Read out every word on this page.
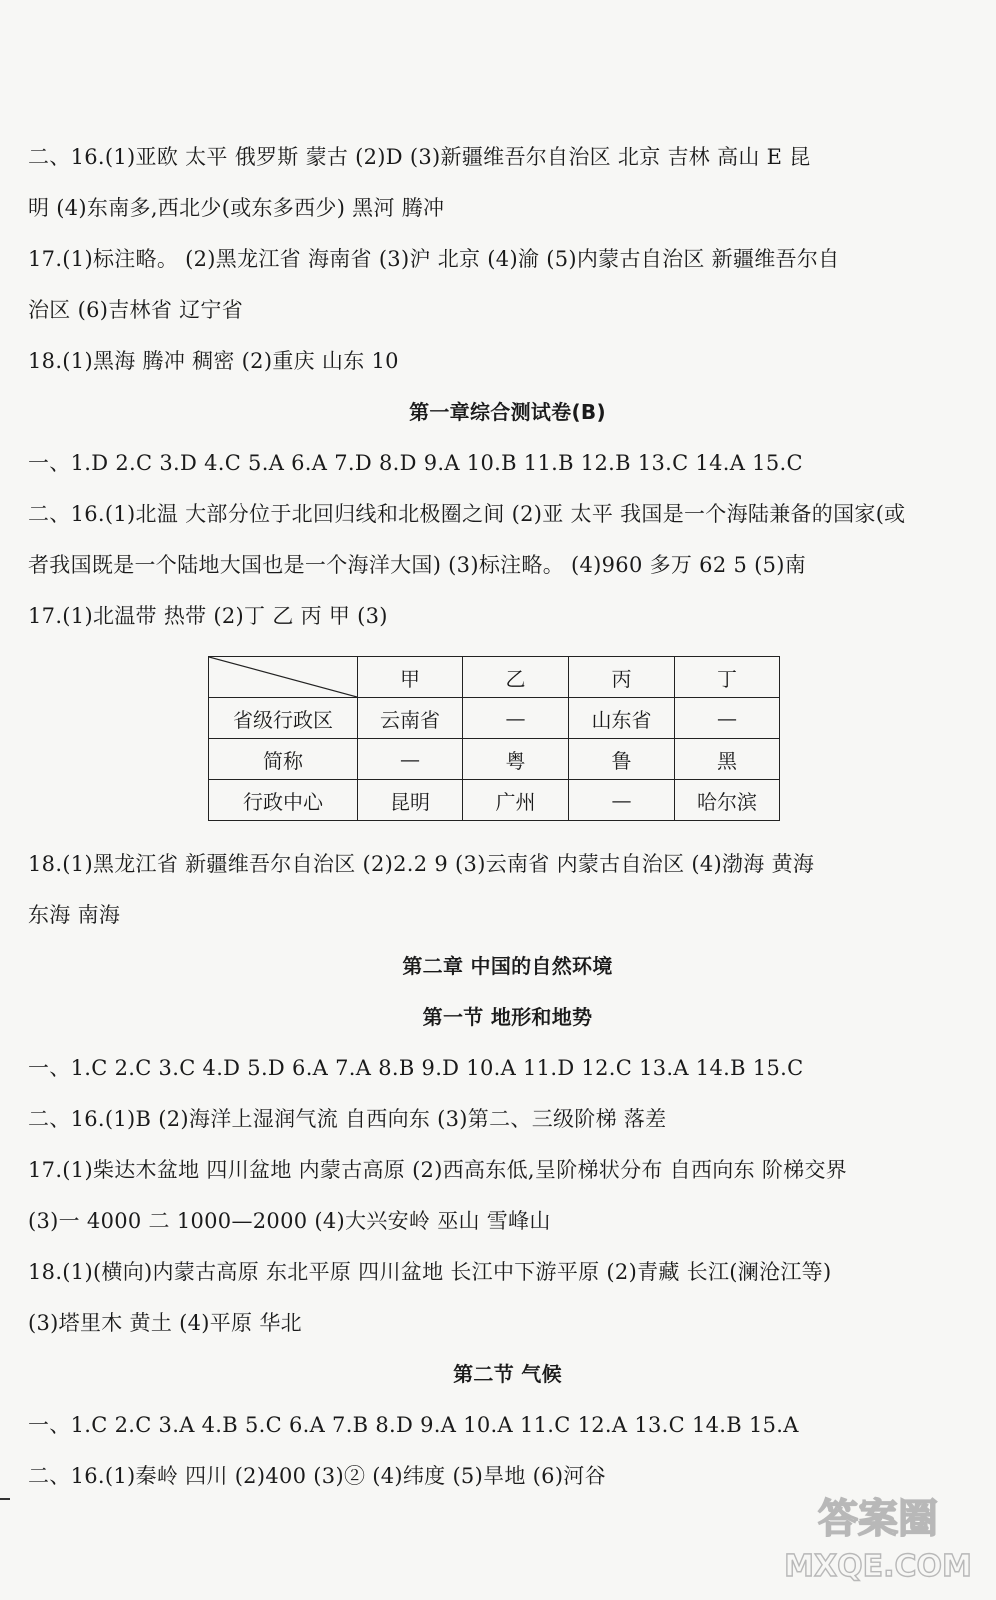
二、16.(1)亚欧 太平 俄罗斯 蒙古 (2)D (3)新疆维吾尔自治区 北京 吉林 高山 E 昆
明 (4)东南多,西北少(或东多西少) 黑河 腾冲
17.(1)标注略。 (2)黑龙江省 海南省 (3)沪 北京 (4)渝 (5)内蒙古自治区 新疆维吾尔自
治区 (6)吉林省 辽宁省
18.(1)黑海 腾冲 稠密 (2)重庆 山东 10
第一章综合测试卷(B)
一、1.D 2.C 3.D 4.C 5.A 6.A 7.D 8.D 9.A 10.B 11.B 12.B 13.C 14.A 15.C
二、16.(1)北温 大部分位于北回归线和北极圈之间 (2)亚 太平 我国是一个海陆兼备的国家(或
者我国既是一个陆地大国也是一个海洋大国) (3)标注略。 (4)960 多万 62 5 (5)南
17.(1)北温带 热带 (2)丁 乙 丙 甲 (3)
	甲	乙	丙	丁
省级行政区	云南省	—	山东省	—
简称	—	粤	鲁	黑
行政中心	昆明	广州	—	哈尔滨
18.(1)黑龙江省 新疆维吾尔自治区 (2)2.2 9 (3)云南省 内蒙古自治区 (4)渤海 黄海
东海 南海
第二章 中国的自然环境
第一节 地形和地势
一、1.C 2.C 3.C 4.D 5.D 6.A 7.A 8.B 9.D 10.A 11.D 12.C 13.A 14.B 15.C
二、16.(1)B (2)海洋上湿润气流 自西向东 (3)第二、三级阶梯 落差
17.(1)柴达木盆地 四川盆地 内蒙古高原 (2)西高东低,呈阶梯状分布 自西向东 阶梯交界
(3)一 4000 二 1000—2000 (4)大兴安岭 巫山 雪峰山
18.(1)(横向)内蒙古高原 东北平原 四川盆地 长江中下游平原 (2)青藏 长江(澜沧江等)
(3)塔里木 黄土 (4)平原 华北
第二节 气候
一、1.C 2.C 3.A 4.B 5.C 6.A 7.B 8.D 9.A 10.A 11.C 12.A 13.C 14.B 15.A
二、16.(1)秦岭 四川 (2)400 (3)② (4)纬度 (5)旱地 (6)河谷
答案圈
MXQE.COM
